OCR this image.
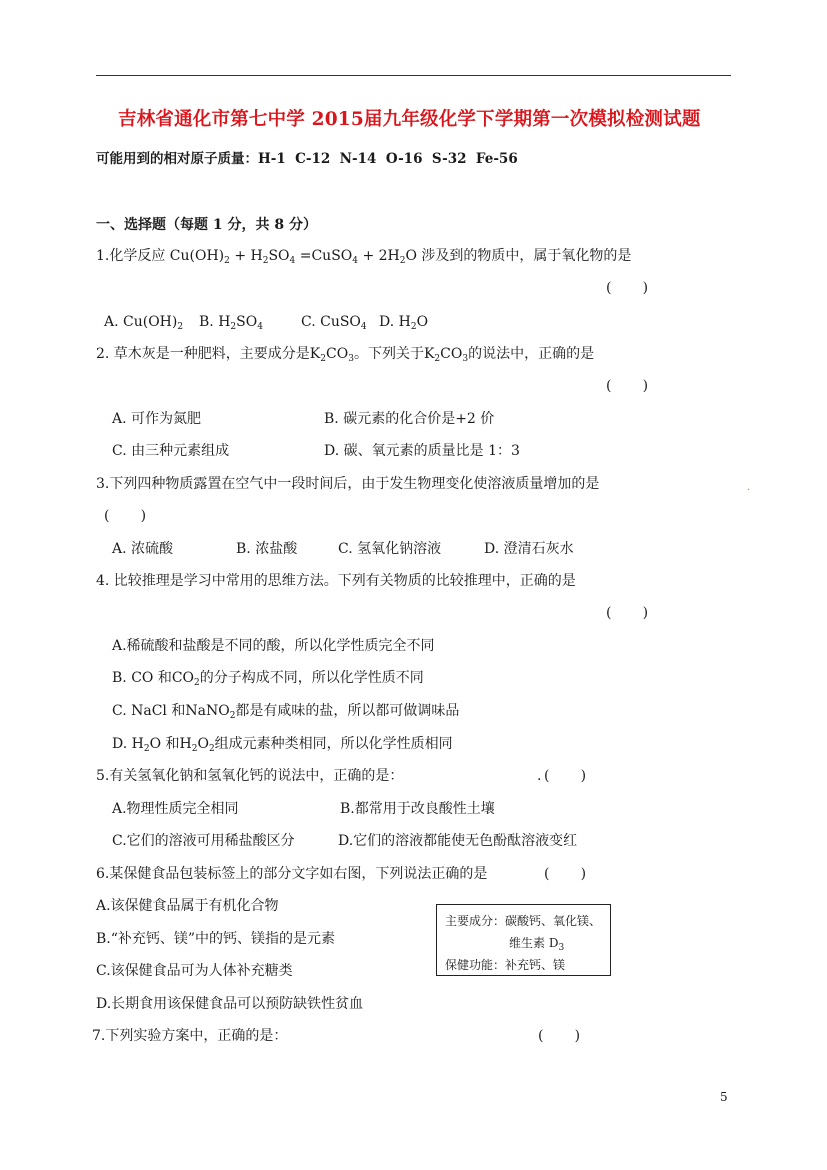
吉林省通化市第七中学 2015届九年级化学下学期第一次模拟检测试题
可能用到的相对原子质量：H-1  C-12  N-14  O-16  S-32  Fe-56
一、选择题（每题 1 分，共 8 分）
1.化学反应 $Cu(OH)_2 + H_2SO_4$ =CuSO$_4$ + $2H_2O$ 涉及到的物质中，属于氧化物的是
(       )
A. $Cu(OH)_2$ B. $H_2SO_4$	C. CuSO$_4$ D. $H_2O$
2. 草木灰是一种肥料，主要成分是$K_2CO_3$。下列关于$K_2CO_3$的说法中，正确的是
(       )
A. 可作为氮肥	B. 碳元素的化合价是+2 价
C. 由三种元素组成	D. 碳、氧元素的质量比是 1：3
3.下列四种物质露置在空气中一段时间后，由于发生物理变化使溶液质量增加的是	.
(       )
A. 浓硫酸	B. 浓盐酸	C. 氢氧化钠溶液	D. 澄清石灰水
4. 比较推理是学习中常用的思维方法。下列有关物质的比较推理中，正确的是
(       )
A.稀硫酸和盐酸是不同的酸，所以化学性质完全不同
B. CO 和$CO_2$的分子构成不同，所以化学性质不同
C. NaCl 和NaNO$_2$都是有咸味的盐，所以都可做调味品
D. $H_2O$ 和$H_2O_2$组成元素种类相同，所以化学性质相同
5.有关氢氧化钠和氢氧化钙的说法中，正确的是：	. (       )
A.物理性质完全相同	B.都常用于改良酸性土壤
C.它们的溶液可用稀盐酸区分	D.它们的溶液都能使无色酚酞溶液变红
6.某保健食品包装标签上的部分文字如右图，下列说法正确的是	(       )
A.该保健食品属于有机化合物
B.“补充钙、镁”中的钙、镁指的是元素
C.该保健食品可为人体补充糖类
D.长期食用该保健食品可以预防缺铁性贫血
主要成分：碳酸钙、氧化镁、
维生素 $D_3$
保健功能：补充钙、镁
7.下列实验方案中，正确的是：	(       )
5
